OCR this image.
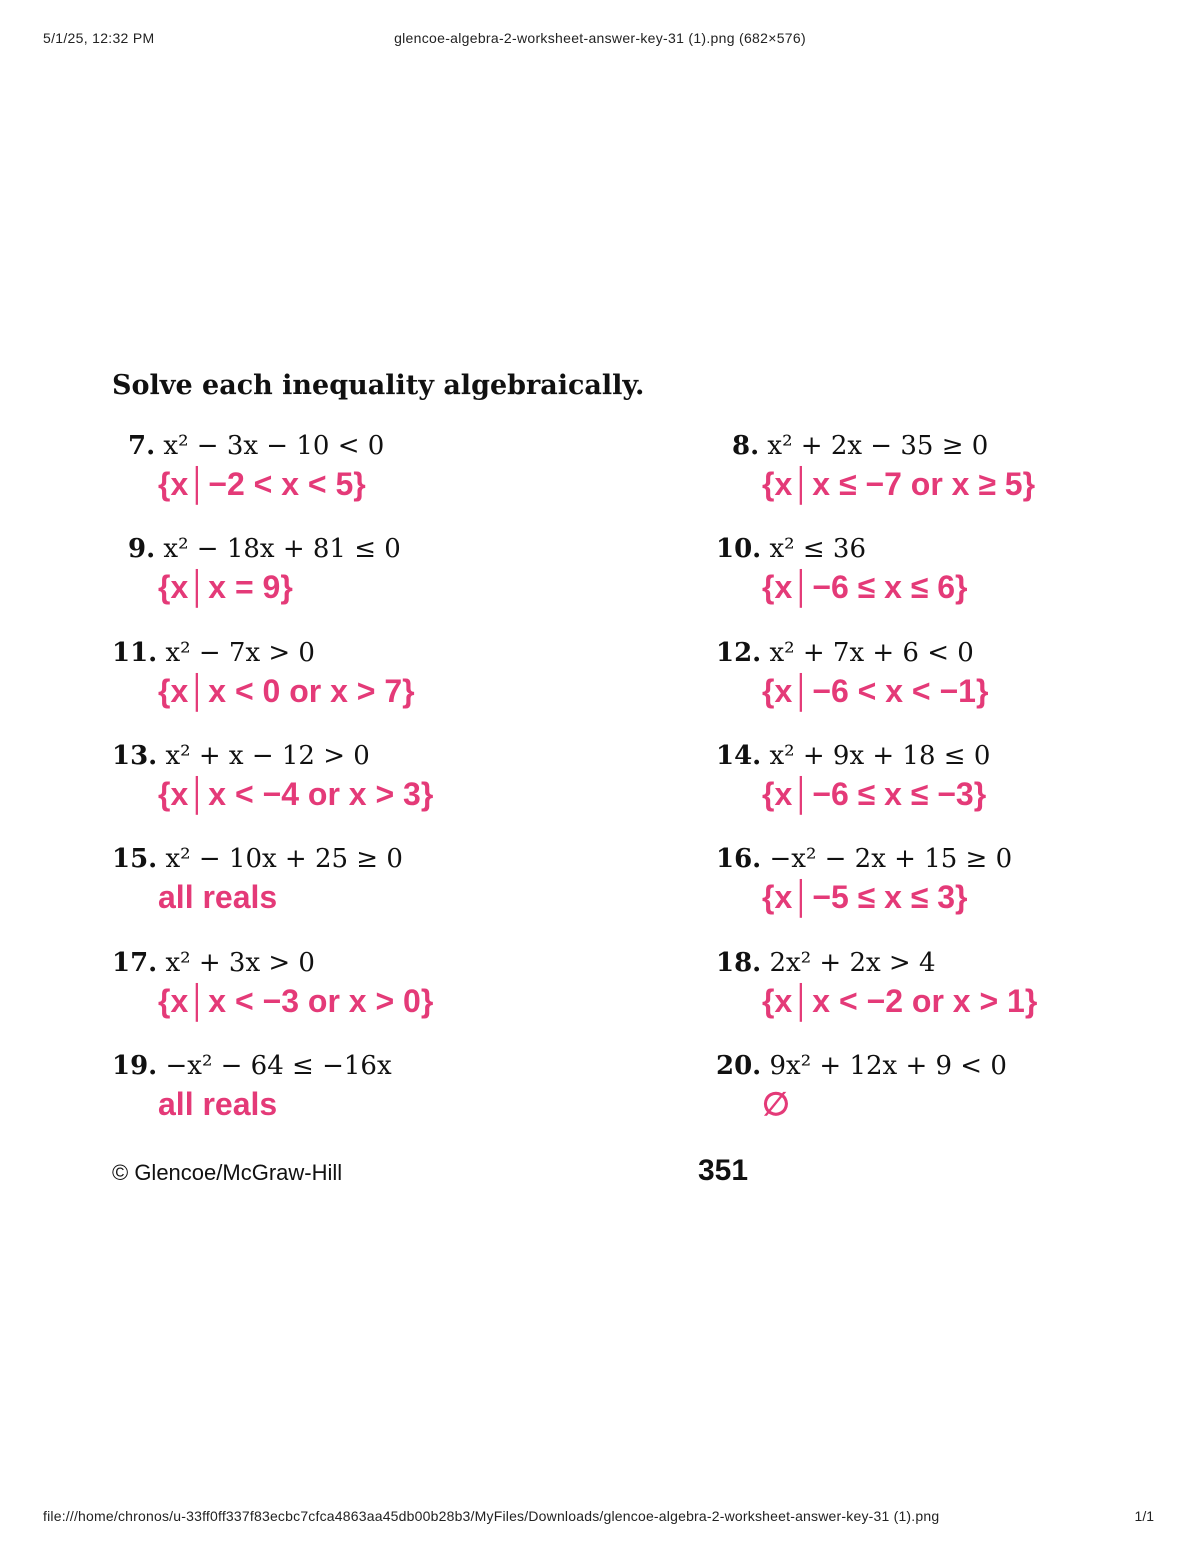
5/1/25, 12:32 PM	glencoe-algebra-2-worksheet-answer-key-31 (1).png (682×576)
Solve each inequality algebraically.
7. x² − 3x − 10 < 0
{x│−2 < x < 5}
9. x² − 18x + 81 ≤ 0
{x│x = 9}
11. x² − 7x > 0
{x│x < 0 or x > 7}
13. x² + x − 12 > 0
{x│x < −4 or x > 3}
15. x² − 10x + 25 ≥ 0
all reals
17. x² + 3x > 0
{x│x < −3 or x > 0}
19. −x² − 64 ≤ −16x
all reals
8. x² + 2x − 35 ≥ 0
{x│x ≤ −7 or x ≥ 5}
10. x² ≤ 36
{x│−6 ≤ x ≤ 6}
12. x² + 7x + 6 < 0
{x│−6 < x < −1}
14. x² + 9x + 18 ≤ 0
{x│−6 ≤ x ≤ −3}
16. −x² − 2x + 15 ≥ 0
{x│−5 ≤ x ≤ 3}
18. 2x² + 2x > 4
{x│x < −2 or x > 1}
20. 9x² + 12x + 9 < 0
∅
© Glencoe/McGraw-Hill	351
file:///home/chronos/u-33ff0ff337f83ecbc7cfca4863aa45db00b28b3/MyFiles/Downloads/glencoe-algebra-2-worksheet-answer-key-31 (1).png	1/1
